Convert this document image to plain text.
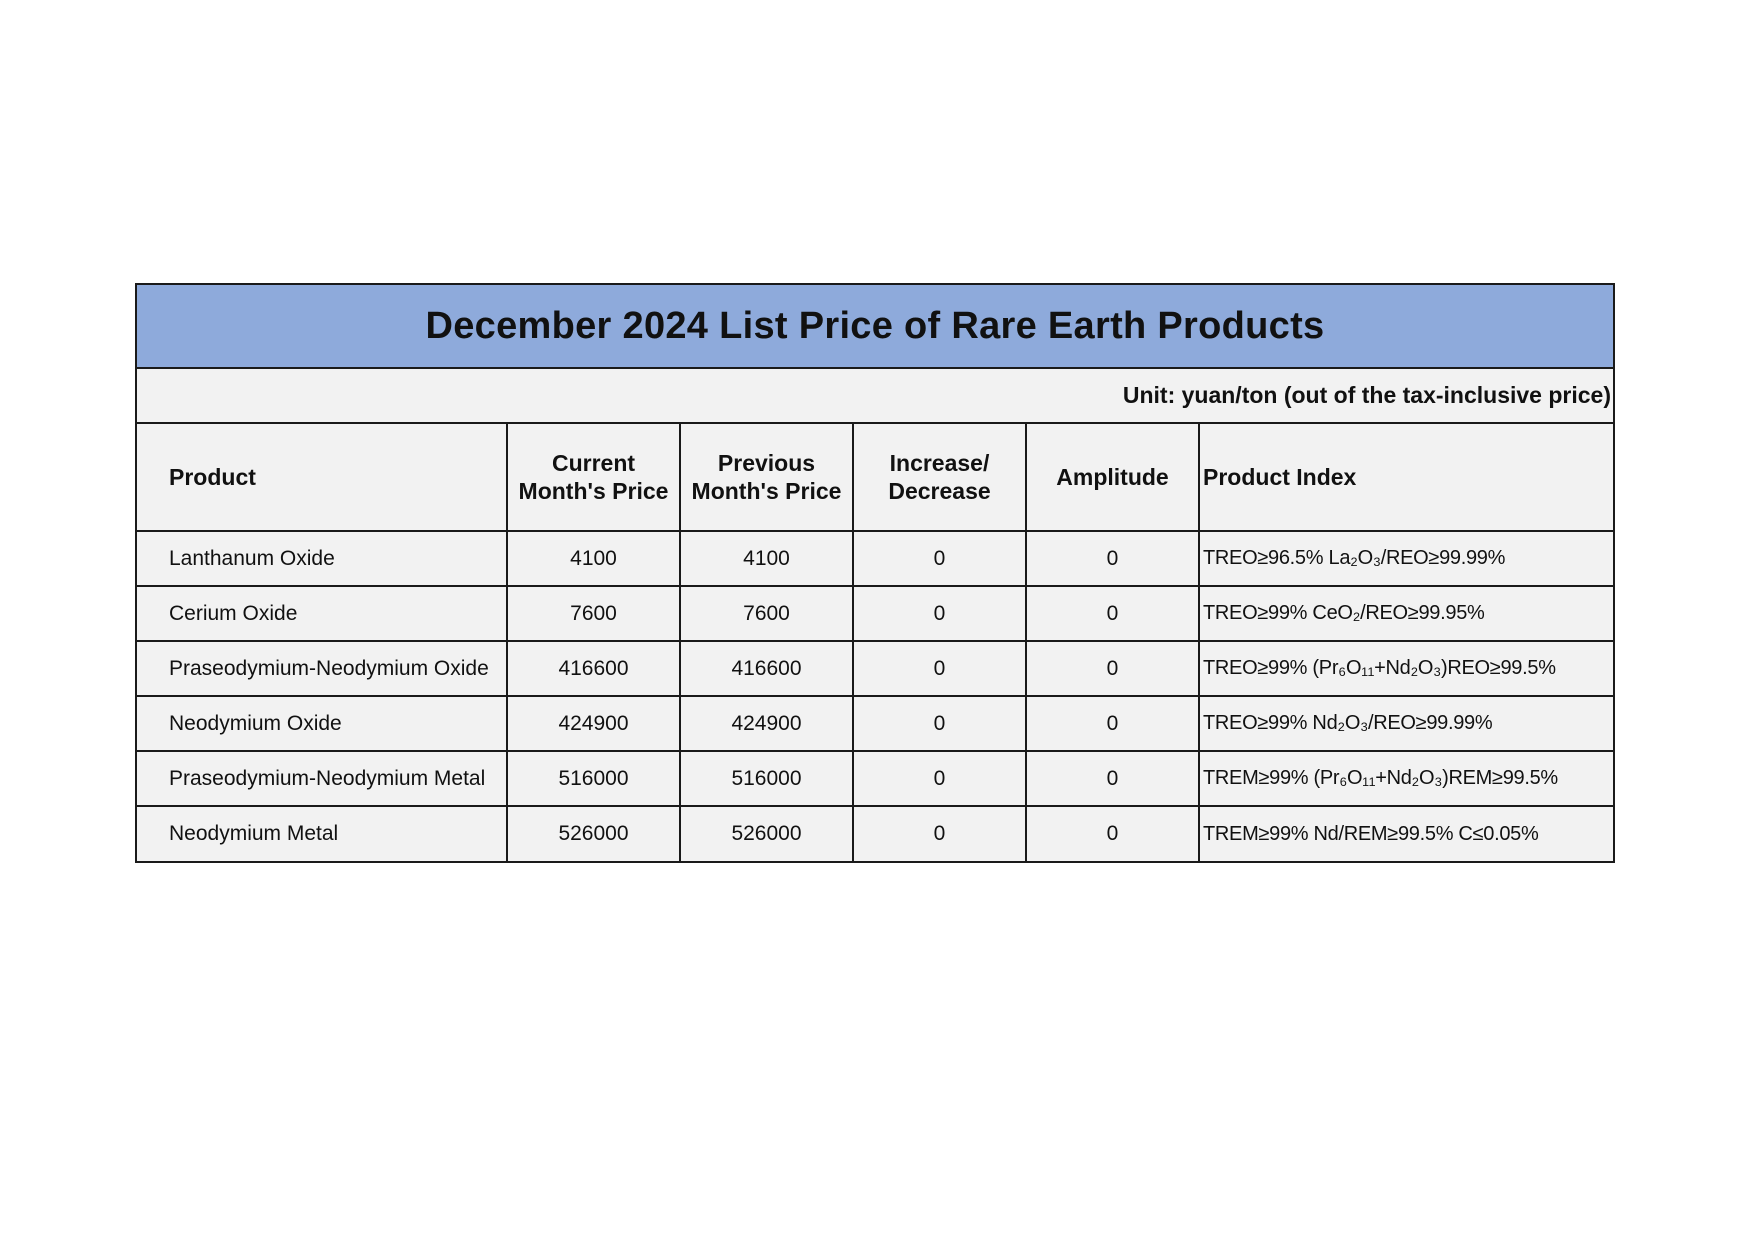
December 2024 List Price of Rare Earth Products
Unit: yuan/ton (out of the tax-inclusive price)
Product	Current Month's Price	Previous Month's Price	Increase/ Decrease	Amplitude	Product Index
Lanthanum Oxide	4100	4100	0	0	TREO≥96.5% La₂O₃/REO≥99.99%
Cerium Oxide	7600	7600	0	0	TREO≥99% CeO₂/REO≥99.95%
Praseodymium-Neodymium Oxide	416600	416600	0	0	TREO≥99% (Pr₆O₁₁+Nd₂O₃)REO≥99.5%
Neodymium Oxide	424900	424900	0	0	TREO≥99% Nd₂O₃/REO≥99.99%
Praseodymium-Neodymium Metal	516000	516000	0	0	TREM≥99% (Pr₆O₁₁+Nd₂O₃)REM≥99.5%
Neodymium Metal	526000	526000	0	0	TREM≥99% Nd/REM≥99.5% C≤0.05%
